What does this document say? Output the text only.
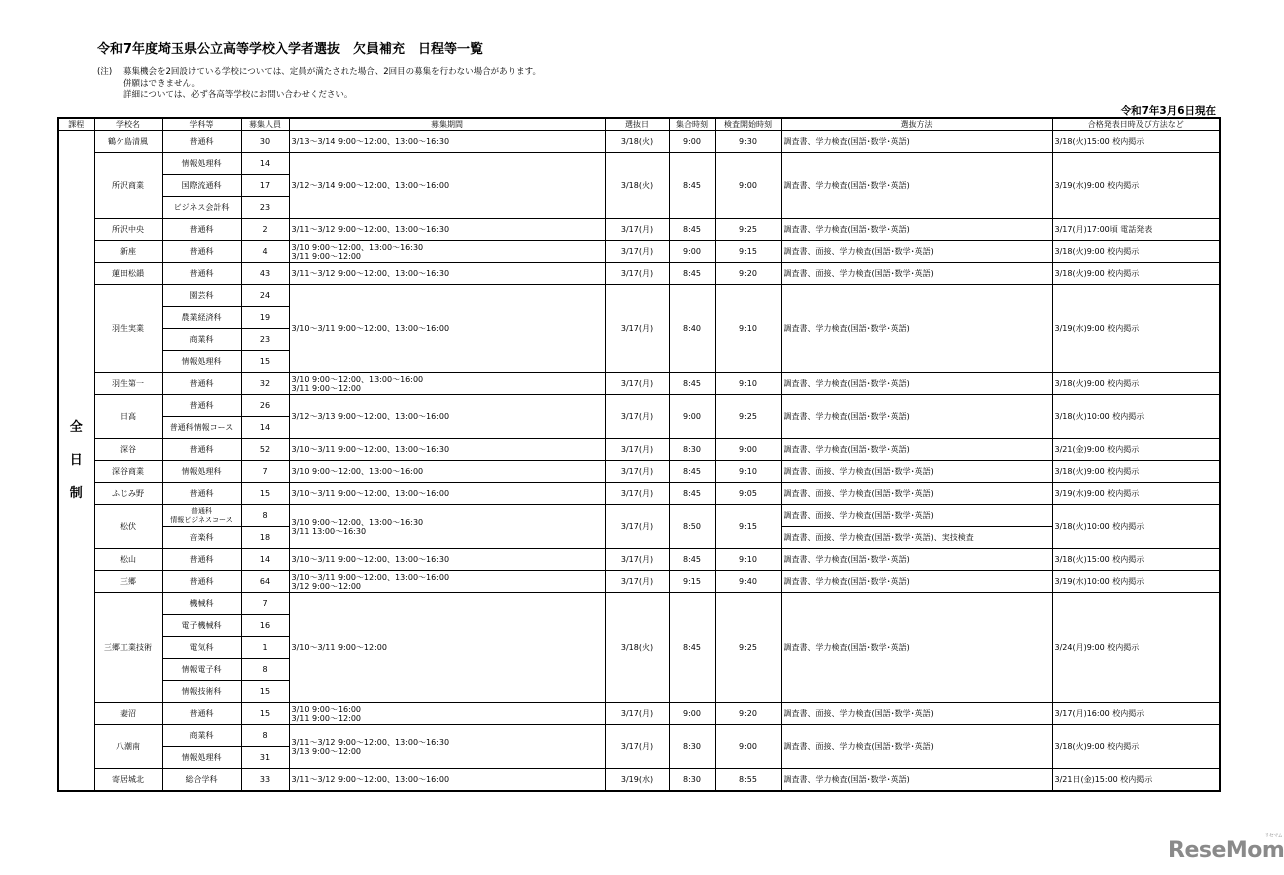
令和7年度埼玉県公立高等学校入学者選抜　欠員補充　日程等一覧
(注)	募集機会を2回設けている学校については、定員が満たされた場合、2回目の募集を行わない場合があります。
併願はできません。
詳細については、必ず各高等学校にお問い合わせください。
令和7年3月6日現在
課程	学校名	学科等	募集人員	募集期間	選抜日	集合時刻	検査開始時刻	選抜方法	合格発表日時及び方法など

全
日
制	鶴ケ島清風	普通科	30	3/13～3/14 9:00～12:00、13:00～16:30	3/18(火)	9:00	9:30	調査書、学力検査(国語･数学･英語)	3/18(火)15:00 校内掲示
	所沢商業	情報処理科	14	3/12～3/14 9:00～12:00、13:00～16:00	3/18(火)	8:45	9:00	調査書、学力検査(国語･数学･英語)	3/19(水)9:00 校内掲示
		国際流通科	17						
		ビジネス会計科	23						
	所沢中央	普通科	2	3/11～3/12 9:00～12:00、13:00～16:30	3/17(月)	8:45	9:25	調査書、学力検査(国語･数学･英語)	3/17(月)17:00頃 電話発表
	新座	普通科	4	3/10 9:00～12:00、13:00～16:30
3/11 9:00～12:00	3/17(月)	9:00	9:15	調査書、面接、学力検査(国語･数学･英語)	3/18(火)9:00 校内掲示
	蓮田松韻	普通科	43	3/11～3/12 9:00～12:00、13:00～16:30	3/17(月)	8:45	9:20	調査書、面接、学力検査(国語･数学･英語)	3/18(火)9:00 校内掲示
	羽生実業	園芸科	24	3/10～3/11 9:00～12:00、13:00～16:00	3/17(月)	8:40	9:10	調査書、学力検査(国語･数学･英語)	3/19(水)9:00 校内掲示
		農業経済科	19						
		商業科	23						
		情報処理科	15						
	羽生第一	普通科	32	3/10 9:00～12:00、13:00～16:00
3/11 9:00～12:00	3/17(月)	8:45	9:10	調査書、学力検査(国語･数学･英語)	3/18(火)9:00 校内掲示
	日高	普通科	26	3/12～3/13 9:00～12:00、13:00～16:00	3/17(月)	9:00	9:25	調査書、学力検査(国語･数学･英語)	3/18(火)10:00 校内掲示
		普通科情報コース	14						
	深谷	普通科	52	3/10～3/11 9:00～12:00、13:00～16:30	3/17(月)	8:30	9:00	調査書、学力検査(国語･数学･英語)	3/21(金)9:00 校内掲示
	深谷商業	情報処理科	7	3/10 9:00～12:00、13:00～16:00	3/17(月)	8:45	9:10	調査書、面接、学力検査(国語･数学･英語)	3/18(火)9:00 校内掲示
	ふじみ野	普通科	15	3/10～3/11 9:00～12:00、13:00～16:00	3/17(月)	8:45	9:05	調査書、面接、学力検査(国語･数学･英語)	3/19(水)9:00 校内掲示
	松伏	普通科
情報ビジネスコース	8	3/10 9:00～12:00、13:00～16:30
3/11 13:00～16:30	3/17(月)	8:50	9:15	調査書、面接、学力検査(国語･数学･英語)	3/18(火)10:00 校内掲示
		音楽科	18					調査書、面接、学力検査(国語･数学･英語)、実技検査	
	松山	普通科	14	3/10～3/11 9:00～12:00、13:00～16:30	3/17(月)	8:45	9:10	調査書、学力検査(国語･数学･英語)	3/18(火)15:00 校内掲示
	三郷	普通科	64	3/10～3/11 9:00～12:00、13:00～16:00
3/12 9:00～12:00	3/17(月)	9:15	9:40	調査書、学力検査(国語･数学･英語)	3/19(水)10:00 校内掲示
	三郷工業技術	機械科	7	3/10～3/11 9:00～12:00	3/18(火)	8:45	9:25	調査書、学力検査(国語･数学･英語)	3/24(月)9:00 校内掲示
		電子機械科	16						
		電気科	1						
		情報電子科	8						
		情報技術科	15						
	妻沼	普通科	15	3/10 9:00～16:00
3/11 9:00～12:00	3/17(月)	9:00	9:20	調査書、面接、学力検査(国語･数学･英語)	3/17(月)16:00 校内掲示
	八潮南	商業科	8	3/11～3/12 9:00～12:00、13:00～16:30
3/13 9:00～12:00	3/17(月)	8:30	9:00	調査書、面接、学力検査(国語･数学･英語)	3/18(火)9:00 校内掲示
		情報処理科	31						
	寄居城北	総合学科	33	3/11～3/12 9:00～12:00、13:00～16:00	3/19(水)	8:30	8:55	調査書、学力検査(国語･数学･英語)	3/21日(金)15:00 校内掲示
ReseMom
リセマム
